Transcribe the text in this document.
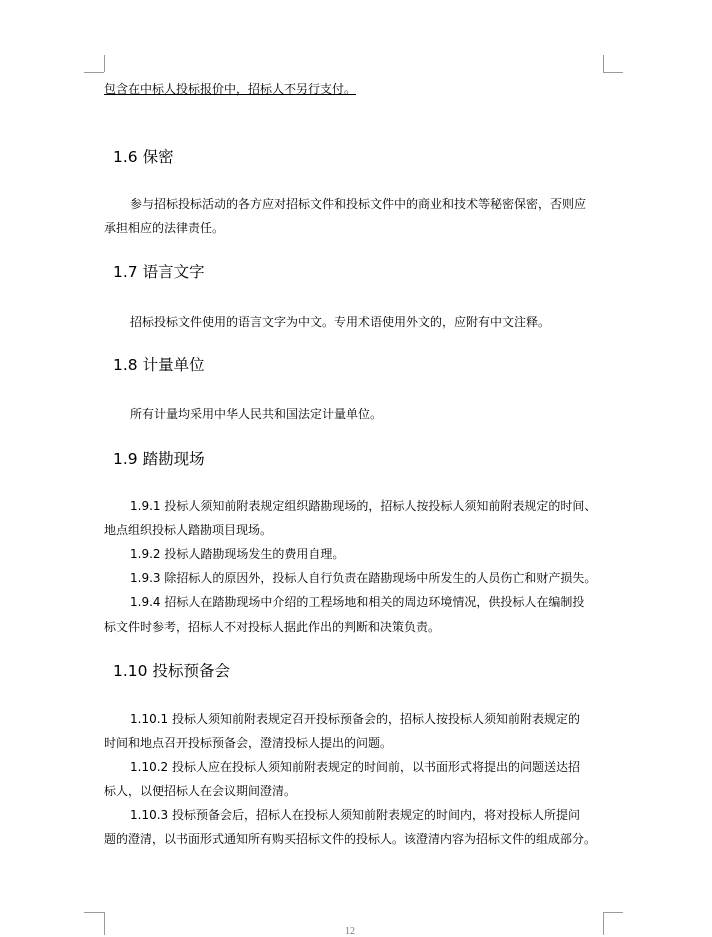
包含在中标人投标报价中，招标人不另行支付。
1.6 保密
参与招标投标活动的各方应对招标文件和投标文件中的商业和技术等秘密保密，否则应
承担相应的法律责任。
1.7 语言文字
招标投标文件使用的语言文字为中文。专用术语使用外文的，应附有中文注释。
1.8 计量单位
所有计量均采用中华人民共和国法定计量单位。
1.9 踏勘现场
1.9.1 投标人须知前附表规定组织踏勘现场的，招标人按投标人须知前附表规定的时间、
地点组织投标人踏勘项目现场。
1.9.2 投标人踏勘现场发生的费用自理。
1.9.3 除招标人的原因外，投标人自行负责在踏勘现场中所发生的人员伤亡和财产损失。
1.9.4 招标人在踏勘现场中介绍的工程场地和相关的周边环境情况，供投标人在编制投
标文件时参考，招标人不对投标人据此作出的判断和决策负责。
1.10 投标预备会
1.10.1 投标人须知前附表规定召开投标预备会的，招标人按投标人须知前附表规定的
时间和地点召开投标预备会，澄清投标人提出的问题。
1.10.2 投标人应在投标人须知前附表规定的时间前，以书面形式将提出的问题送达招
标人，以便招标人在会议期间澄清。
1.10.3 投标预备会后，招标人在投标人须知前附表规定的时间内，将对投标人所提问
题的澄清，以书面形式通知所有购买招标文件的投标人。该澄清内容为招标文件的组成部分。
12
